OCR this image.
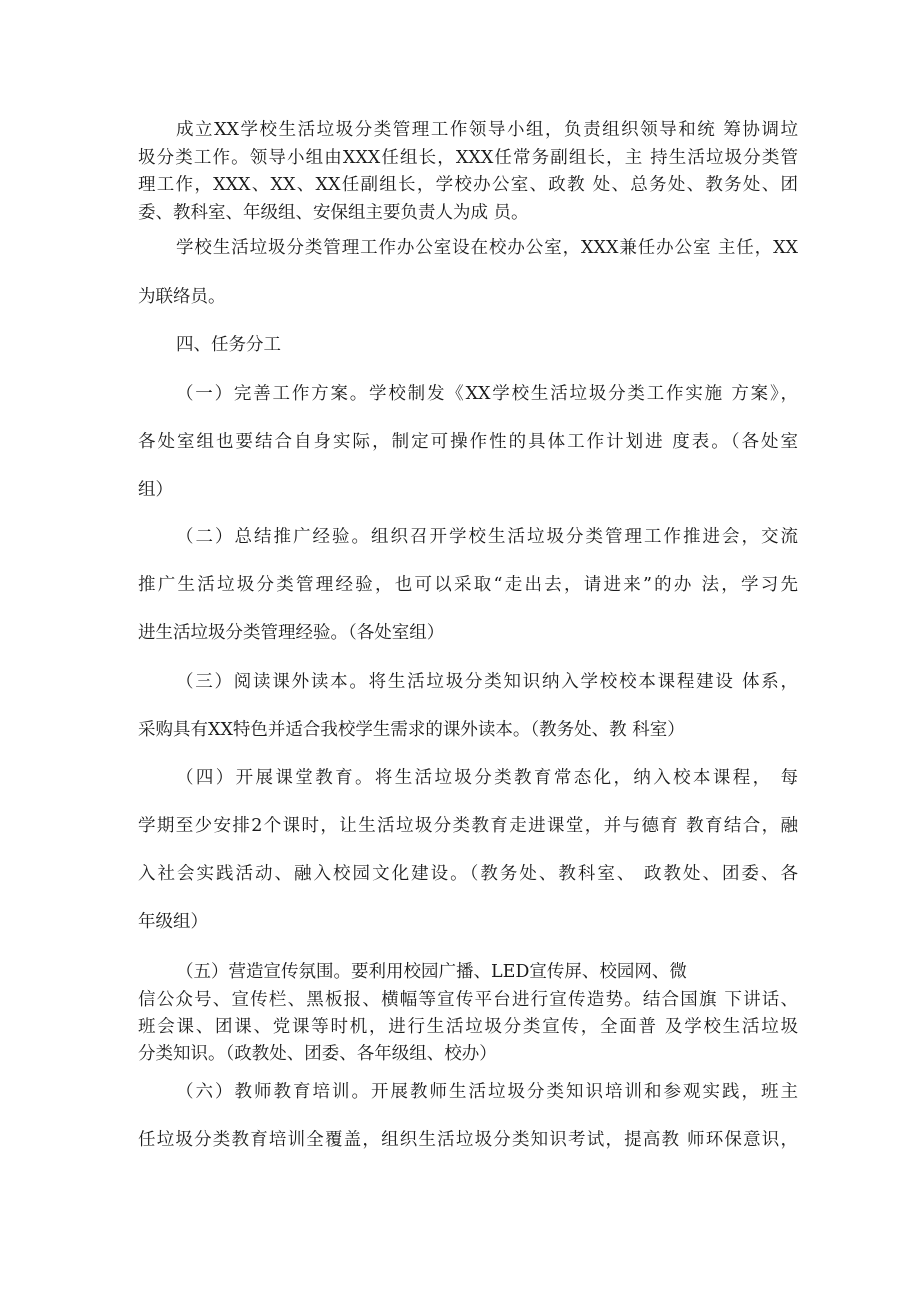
成立XX学校生活垃圾分类管理工作领导小组，负责组织领导和统 筹协调垃
圾分类工作。领导小组由XXX任组长，XXX任常务副组长，主 持生活垃圾分类管
理工作，XXX、XX、XX任副组长，学校办公室、政教 处、总务处、教务处、团
委、教科室、年级组、安保组主要负责人为成 员。
学校生活垃圾分类管理工作办公室设在校办公室，XXX兼任办公室 主任，XX
为联络员。
四、任务分工
（一）完善工作方案。学校制发《XX学校生活垃圾分类工作实施 方案》，
各处室组也要结合自身实际，制定可操作性的具体工作计划进 度表。（各处室
组）
（二）总结推广经验。组织召开学校生活垃圾分类管理工作推进会，交流
推广生活垃圾分类管理经验，也可以采取“走出去，请进来”的办 法，学习先
进生活垃圾分类管理经验。（各处室组）
（三）阅读课外读本。将生活垃圾分类知识纳入学校校本课程建设 体系，
采购具有XX特色并适合我校学生需求的课外读本。（教务处、教 科室）
（四）开展课堂教育。将生活垃圾分类教育常态化，纳入校本课程， 每
学期至少安排2个课时，让生活垃圾分类教育走进课堂，并与德育 教育结合，融
入社会实践活动、融入校园文化建设。（教务处、教科室、 政教处、团委、各
年级组）
（五）营造宣传氛围。要利用校园广播、LED宣传屏、校园网、微
信公众号、宣传栏、黑板报、横幅等宣传平台进行宣传造势。结合国旗 下讲话、
班会课、团课、党课等时机，进行生活垃圾分类宣传，全面普 及学校生活垃圾
分类知识。（政教处、团委、各年级组、校办）
（六）教师教育培训。开展教师生活垃圾分类知识培训和参观实践，班主
任垃圾分类教育培训全覆盖，组织生活垃圾分类知识考试，提高教 师环保意识，
